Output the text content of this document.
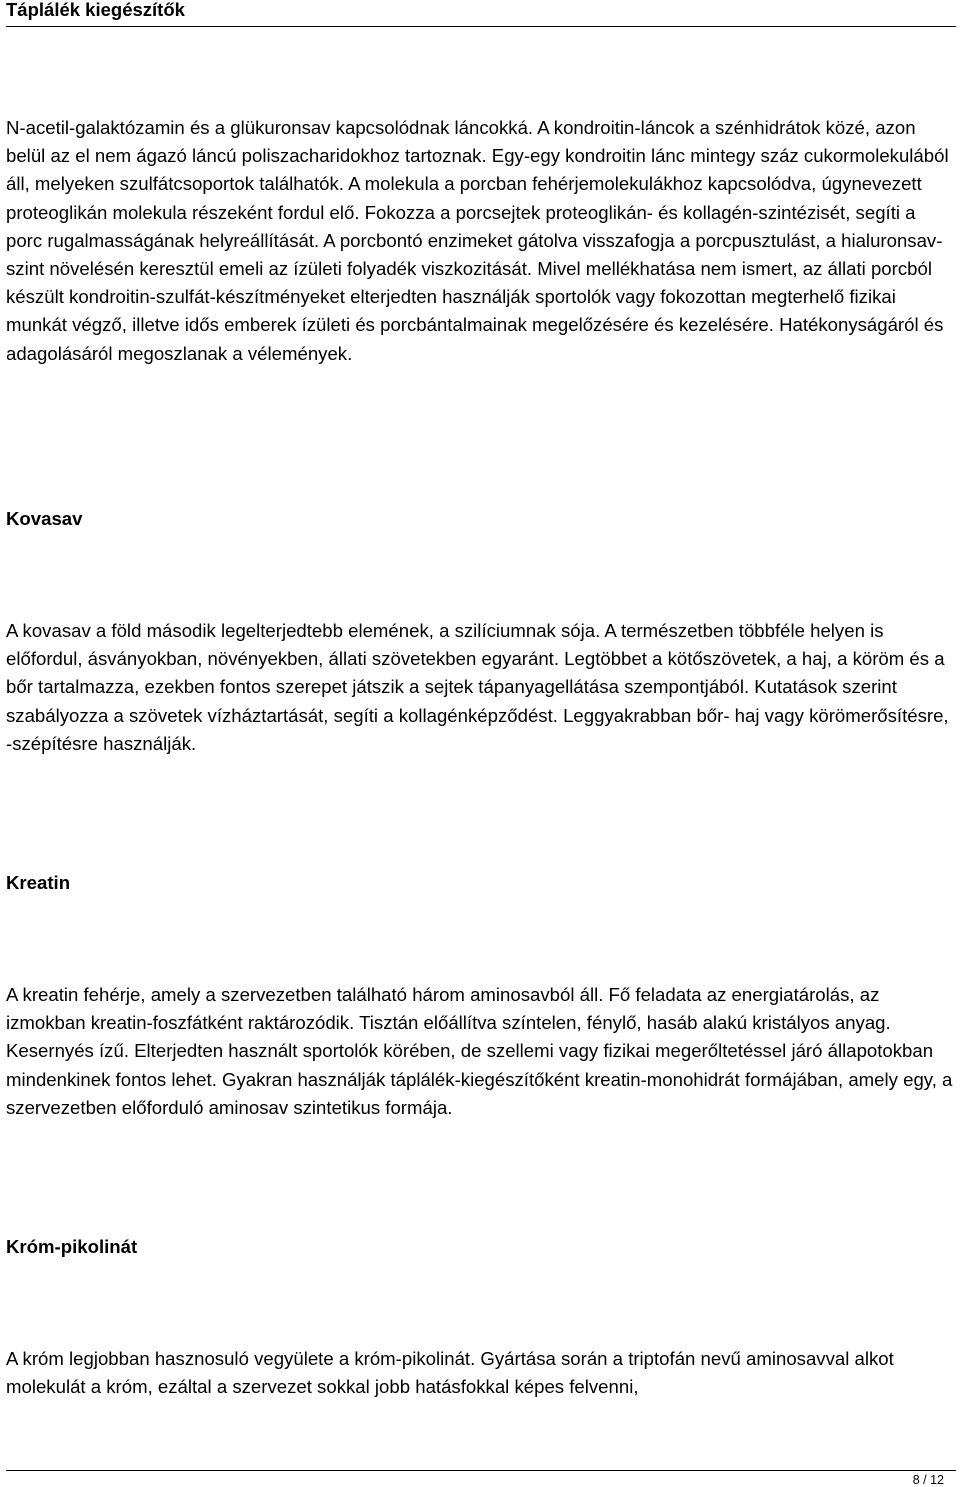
Táplálék kiegészítők

N-acetil-galaktózamin és a glükuronsav kapcsolódnak láncokká. A kondroitin-láncok a szénhidrátok közé, azon belül az el nem ágazó láncú poliszacharidokhoz tartoznak. Egy-egy kondroitin lánc mintegy száz cukormolekulából áll, melyeken szulfátcsoportok találhatók. A molekula a porcban fehérjemolekulákhoz kapcsolódva, úgynevezett proteoglikán molekula részeként fordul elő. Fokozza a porcsejtek proteoglikán- és kollagén-szintézisét, segíti a porc rugalmasságának helyreállítását. A porcbontó enzimeket gátolva visszafogja a porcpusztulást, a hialuronsav-szint növelésén keresztül emeli az ízületi folyadék viszkozitását. Mivel mellékhatása nem ismert, az állati porcból készült kondroitin-szulfát-készítményeket elterjedten használják sportolók vagy fokozottan megterhelő fizikai munkát végző, illetve idős emberek ízületi és porcbántalmainak megelőzésére és kezelésére. Hatékonyságáról és adagolásáról megoszlanak a vélemények.

Kovasav

A kovasav a föld második legelterjedtebb elemének, a szilíciumnak sója. A természetben többféle helyen is előfordul, ásványokban, növényekben, állati szövetekben egyaránt. Legtöbbet a kötőszövetek, a haj, a köröm és a bőr tartalmazza, ezekben fontos szerepet játszik a sejtek tápanyagellátása szempontjából. Kutatások szerint szabályozza a szövetek vízháztartását, segíti a kollagénképződést. Leggyakrabban bőr- haj vagy körömerősítésre, -szépítésre használják.

Kreatin

A kreatin fehérje, amely a szervezetben található három aminosavból áll. Fő feladata az energiatárolás, az izmokban kreatin-foszfátként raktározódik. Tisztán előállítva színtelen, fénylő, hasáb alakú kristályos anyag. Kesernyés ízű. Elterjedten használt sportolók körében, de szellemi vagy fizikai megerőltetéssel járó állapotokban mindenkinek fontos lehet. Gyakran használják táplálék-kiegészítőként kreatin-monohidrát formájában, amely egy, a szervezetben előforduló aminosav szintetikus formája.

Króm-pikolinát

A króm legjobban hasznosuló vegyülete a króm-pikolinát. Gyártása során a triptofán nevű aminosavval alkot molekulát a króm, ezáltal a szervezet sokkal jobb hatásfokkal képes felvenni,

8 / 12
